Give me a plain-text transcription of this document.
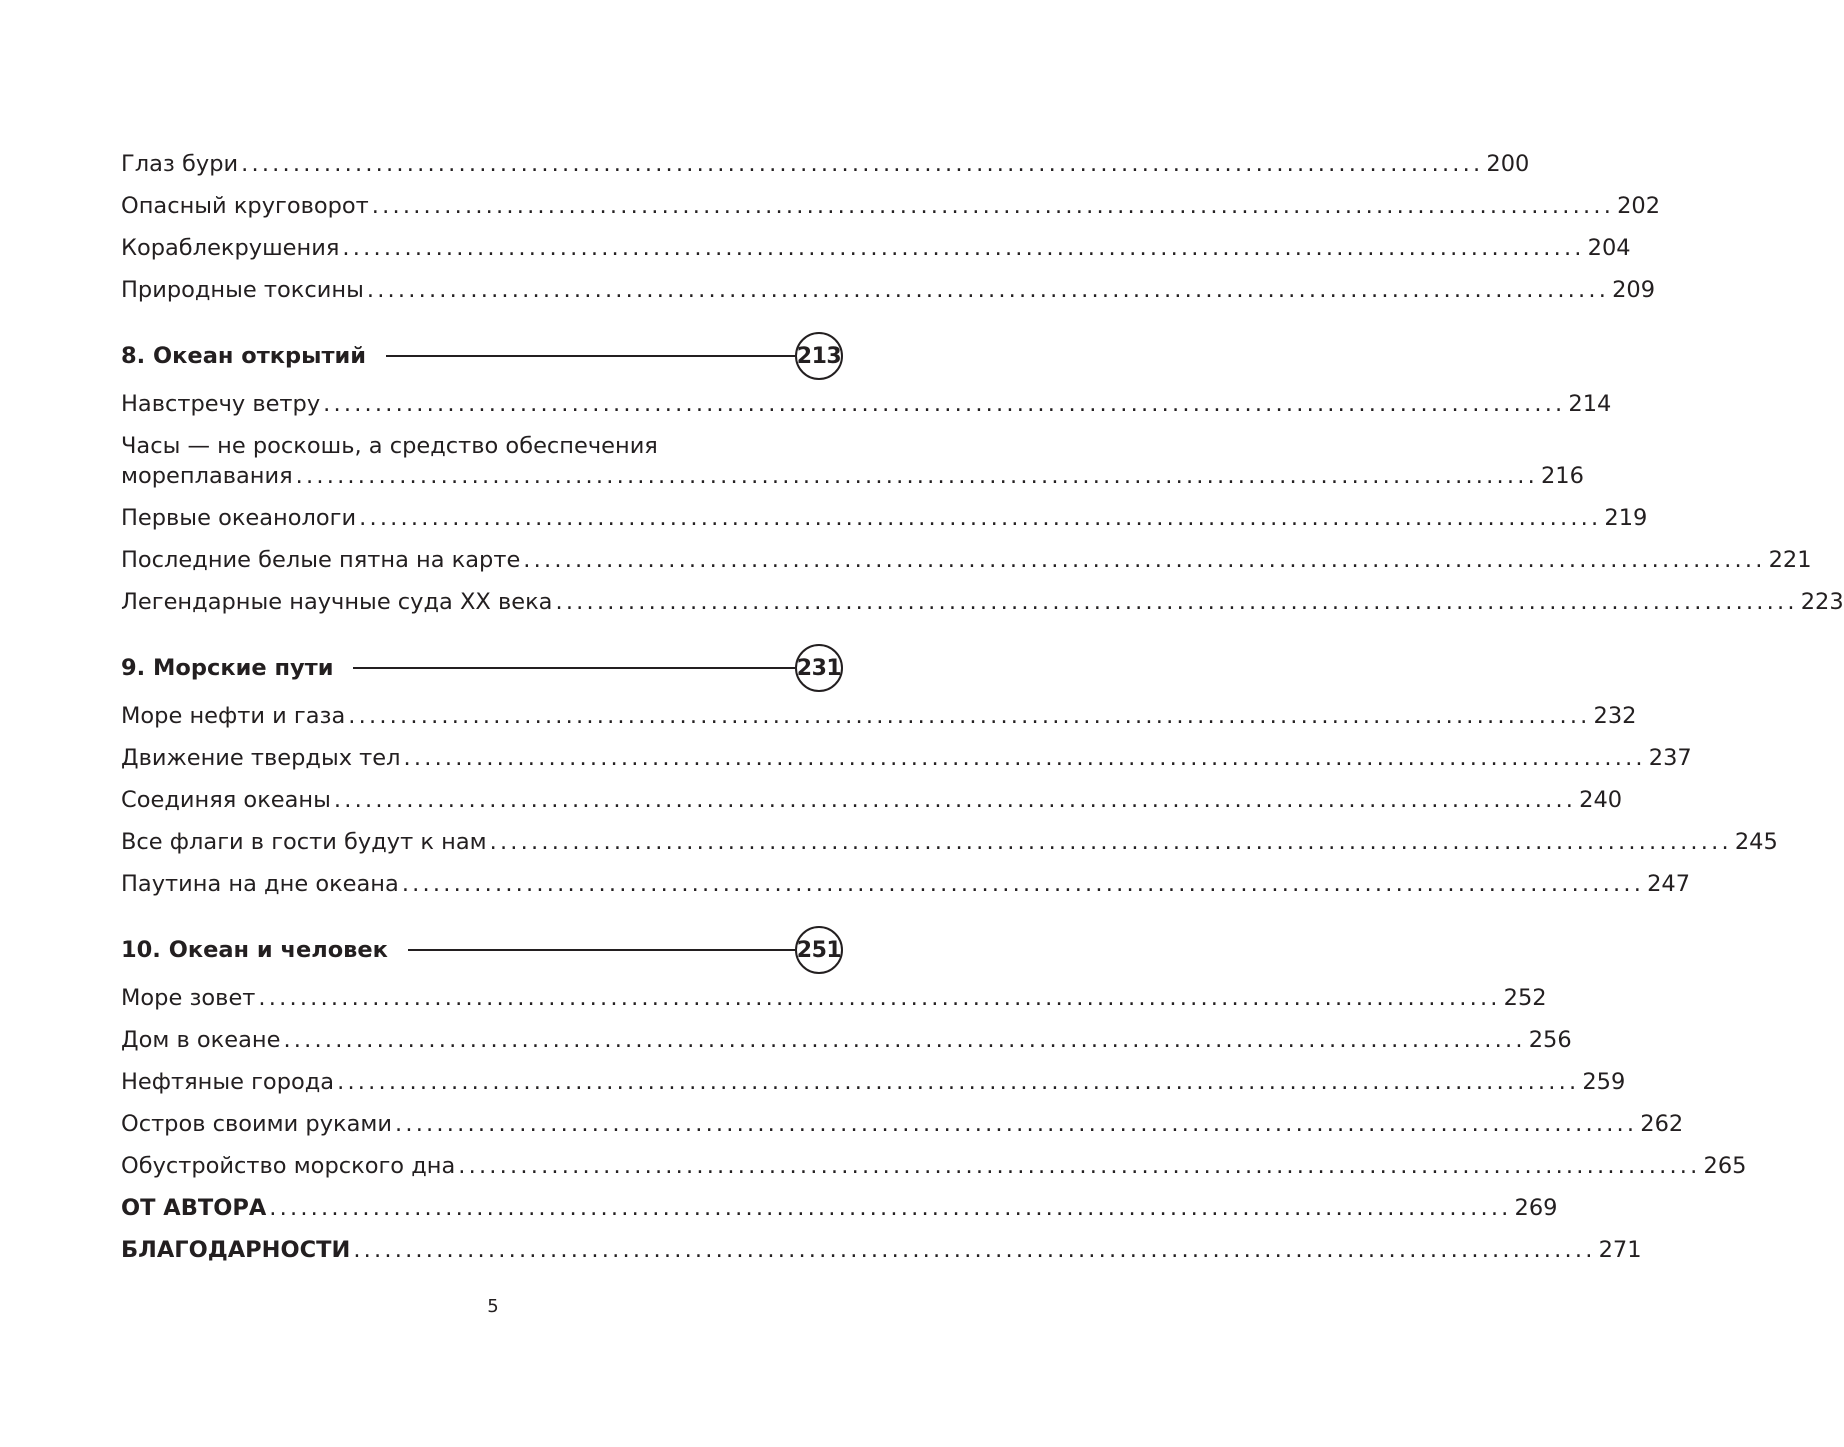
Глаз бури ........................................................................................................................ 200
Опасный круговорот ........................................................................................................................ 202
Кораблекрушения ........................................................................................................................ 204
Природные токсины ........................................................................................................................ 209
8. Океан открытий	213
Навстречу ветру ........................................................................................................................ 214
Часы — не роскошь, а средство обеспечения
мореплавания ........................................................................................................................ 216
Первые океанологи ........................................................................................................................ 219
Последние белые пятна на карте ........................................................................................................................ 221
Легендарные научные суда XX века ........................................................................................................................ 223
9. Морские пути	231
Море нефти и газа ........................................................................................................................ 232
Движение твердых тел ........................................................................................................................ 237
Соединяя океаны ........................................................................................................................ 240
Все флаги в гости будут к нам ........................................................................................................................ 245
Паутина на дне океана ........................................................................................................................ 247
10. Океан и человек	251
Море зовет ........................................................................................................................ 252
Дом в океане ........................................................................................................................ 256
Нефтяные города ........................................................................................................................ 259
Остров своими руками ........................................................................................................................ 262
Обустройство морского дна ........................................................................................................................ 265
ОТ АВТОРА ........................................................................................................................ 269
БЛАГОДАРНОСТИ ........................................................................................................................ 271
5
